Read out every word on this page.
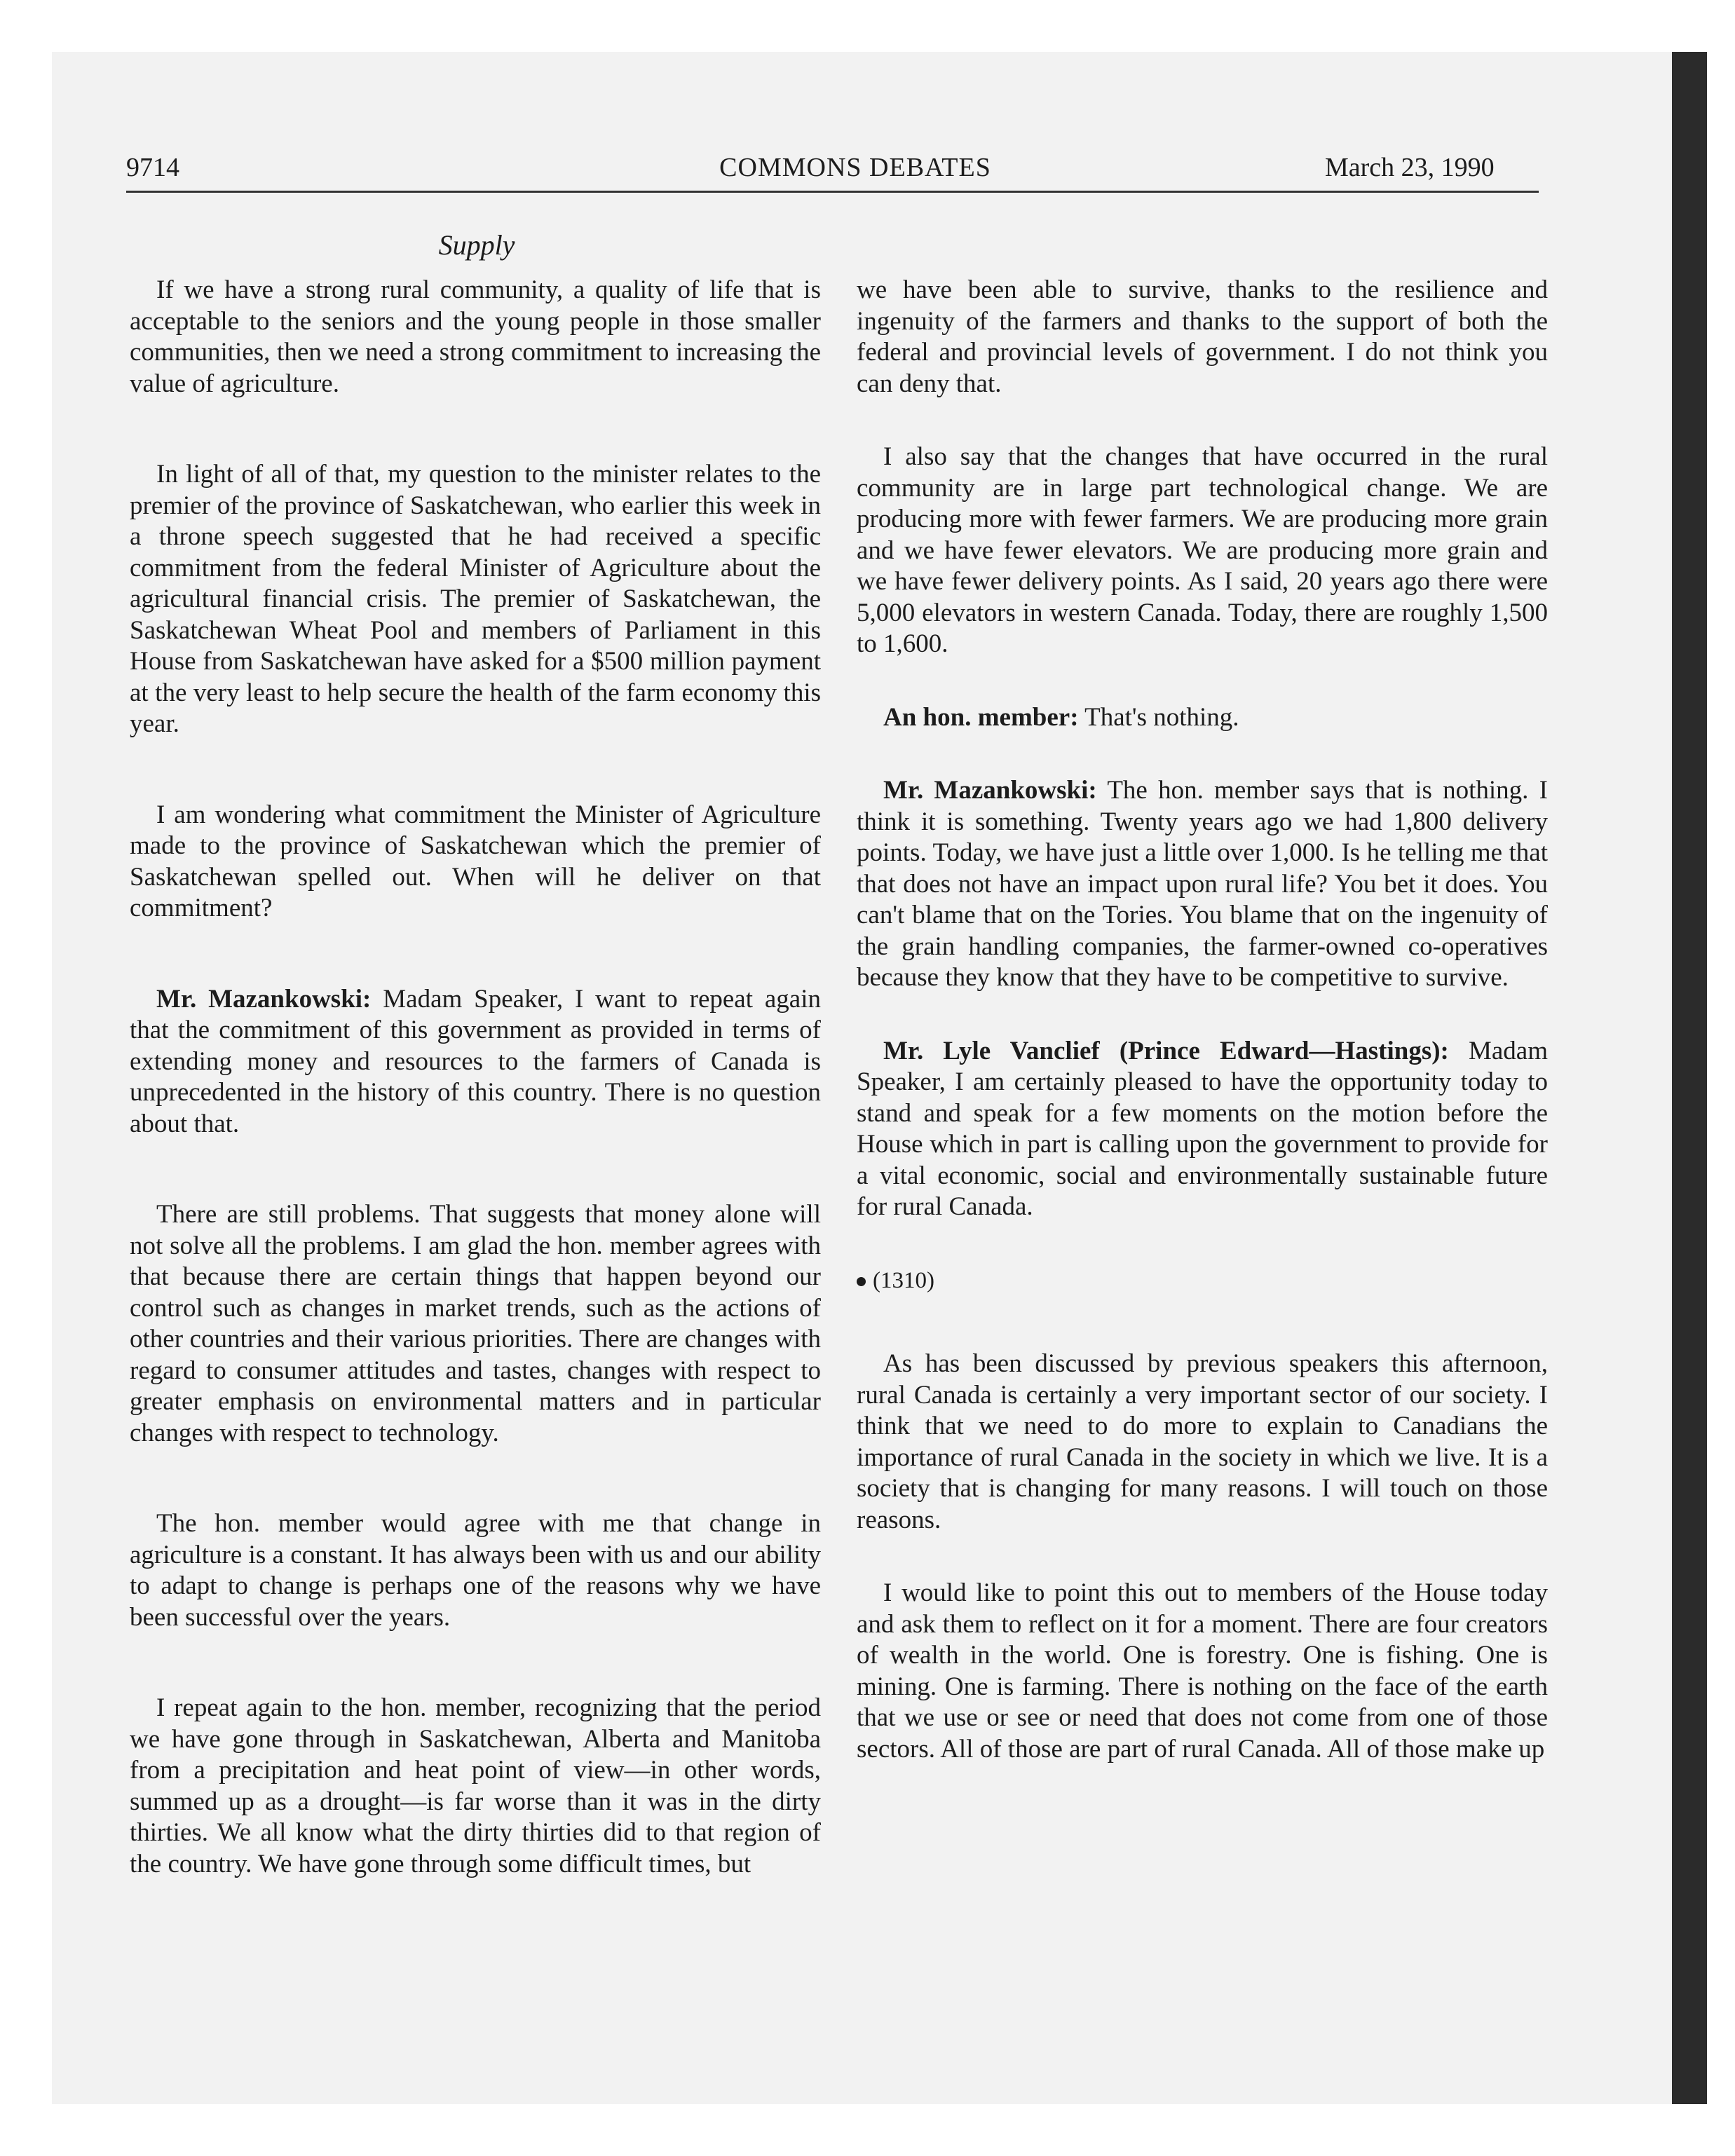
9714	COMMONS DEBATES	March 23, 1990
Supply

If we have a strong rural community, a quality of life that is acceptable to the seniors and the young people in those smaller communities, then we need a strong commitment to increasing the value of agriculture.

In light of all of that, my question to the minister relates to the premier of the province of Saskatchewan, who earlier this week in a throne speech suggested that he had received a specific commitment from the federal Minister of Agriculture about the agricultural financial crisis. The premier of Saskatchewan, the Saskatchewan Wheat Pool and members of Parliament in this House from Saskatchewan have asked for a $500 million payment at the very least to help secure the health of the farm economy this year.

I am wondering what commitment the Minister of Agriculture made to the province of Saskatchewan which the premier of Saskatchewan spelled out. When will he deliver on that commitment?

Mr. Mazankowski: Madam Speaker, I want to repeat again that the commitment of this government as provided in terms of extending money and resources to the farmers of Canada is unprecedented in the history of this country. There is no question about that.

There are still problems. That suggests that money alone will not solve all the problems. I am glad the hon. member agrees with that because there are certain things that happen beyond our control such as changes in market trends, such as the actions of other countries and their various priorities. There are changes with regard to consumer attitudes and tastes, changes with respect to greater emphasis on environmental matters and in particular changes with respect to technology.

The hon. member would agree with me that change in agriculture is a constant. It has always been with us and our ability to adapt to change is perhaps one of the reasons why we have been successful over the years.

I repeat again to the hon. member, recognizing that the period we have gone through in Saskatchewan, Alberta and Manitoba from a precipitation and heat point of view—in other words, summed up as a drought—is far worse than it was in the dirty thirties. We all know what the dirty thirties did to that region of the country. We have gone through some difficult times, but

we have been able to survive, thanks to the resilience and ingenuity of the farmers and thanks to the support of both the federal and provincial levels of government. I do not think you can deny that.

I also say that the changes that have occurred in the rural community are in large part technological change. We are producing more with fewer farmers. We are producing more grain and we have fewer elevators. We are producing more grain and we have fewer delivery points. As I said, 20 years ago there were 5,000 elevators in western Canada. Today, there are roughly 1,500 to 1,600.

An hon. member: That's nothing.

Mr. Mazankowski: The hon. member says that is nothing. I think it is something. Twenty years ago we had 1,800 delivery points. Today, we have just a little over 1,000. Is he telling me that that does not have an impact upon rural life? You bet it does. You can't blame that on the Tories. You blame that on the ingenuity of the grain handling companies, the farmer-owned co-operatives because they know that they have to be competitive to survive.

Mr. Lyle Vanclief (Prince Edward—Hastings): Madam Speaker, I am certainly pleased to have the opportunity today to stand and speak for a few moments on the motion before the House which in part is calling upon the government to provide for a vital economic, social and environmentally sustainable future for rural Canada.

(1310)

As has been discussed by previous speakers this afternoon, rural Canada is certainly a very important sector of our society. I think that we need to do more to explain to Canadians the importance of rural Canada in the society in which we live. It is a society that is changing for many reasons. I will touch on those reasons.

I would like to point this out to members of the House today and ask them to reflect on it for a moment. There are four creators of wealth in the world. One is forestry. One is fishing. One is mining. One is farming. There is nothing on the face of the earth that we use or see or need that does not come from one of those sectors. All of those are part of rural Canada. All of those make up
